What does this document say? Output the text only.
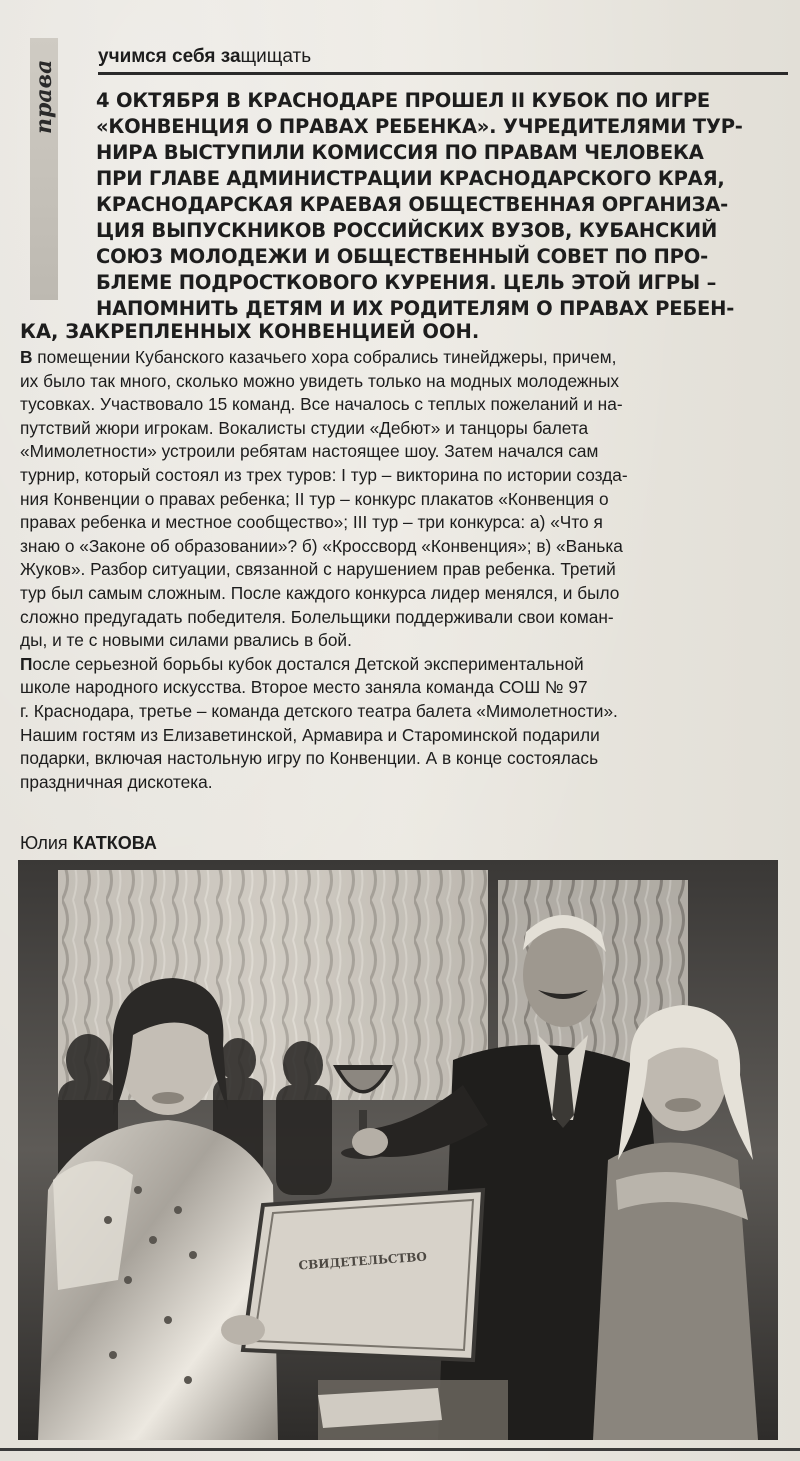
права
учимся себя защищать
4 ОКТЯБРЯ В КРАСНОДАРЕ ПРОШЕЛ II КУБОК ПО ИГРЕ
«КОНВЕНЦИЯ О ПРАВАХ РЕБЕНКА». УЧРЕДИТЕЛЯМИ ТУР-
НИРА ВЫСТУПИЛИ КОМИССИЯ ПО ПРАВАМ ЧЕЛОВЕКА
ПРИ ГЛАВЕ АДМИНИСТРАЦИИ КРАСНОДАРСКОГО КРАЯ,
КРАСНОДАРСКАЯ КРАЕВАЯ ОБЩЕСТВЕННАЯ ОРГАНИЗА-
ЦИЯ ВЫПУСКНИКОВ РОССИЙСКИХ ВУЗОВ, КУБАНСКИЙ
СОЮЗ МОЛОДЕЖИ И ОБЩЕСТВЕННЫЙ СОВЕТ ПО ПРО-
БЛЕМЕ ПОДРОСТКОВОГО КУРЕНИЯ. ЦЕЛЬ ЭТОЙ ИГРЫ –
НАПОМНИТЬ ДЕТЯМ И ИХ РОДИТЕЛЯМ О ПРАВАХ РЕБЕН-
КА, ЗАКРЕПЛЕННЫХ КОНВЕНЦИЕЙ ООН.
В помещении Кубанского казачьего хора собрались тинейджеры, причем,
их было так много, сколько можно увидеть только на модных молодежных
тусовках. Участвовало 15 команд. Все началось с теплых пожеланий и на-
путствий жюри игрокам. Вокалисты студии «Дебют» и танцоры балета
«Мимолетности» устроили ребятам настоящее шоу. Затем начался сам
турнир, который состоял из трех туров: I тур – викторина по истории созда-
ния Конвенции о правах ребенка; II тур – конкурс плакатов «Конвенция о
правах ребенка и местное сообщество»; III тур – три конкурса: а) «Что я
знаю о «Законе об образовании»? б) «Кроссворд «Конвенция»; в) «Ванька
Жуков». Разбор ситуации, связанной с нарушением прав ребенка. Третий
тур был самым сложным. После каждого конкурса лидер менялся, и было
сложно предугадать победителя. Болельщики поддерживали свои коман-
ды, и те с новыми силами рвались в бой.
После серьезной борьбы кубок достался Детской экспериментальной
школе народного искусства. Второе место заняла команда СОШ № 97
г. Краснодара, третье – команда детского театра балета «Мимолетности».
Нашим гостям из Елизаветинской, Армавира и Староминской подарили
подарки, включая настольную игру по Конвенции. А в конце состоялась
праздничная дискотека.
Юлия КАТКОВА
СВИДЕТЕЛЬСТВО
